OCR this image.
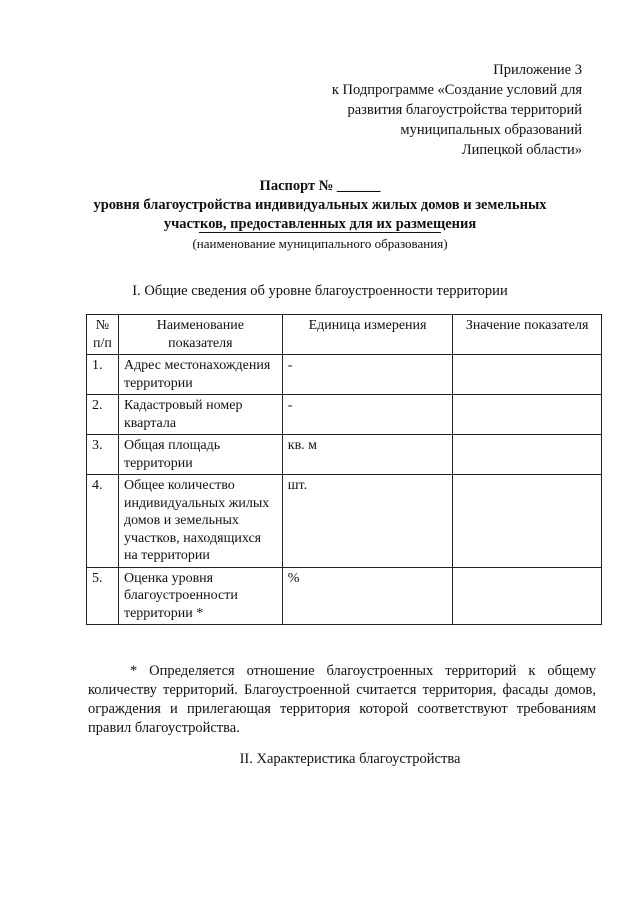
Приложение 3
к Подпрограмме «Создание условий для
развития благоустройства территорий
муниципальных образований
Липецкой области»
Паспорт № ______
уровня благоустройства индивидуальных жилых домов и земельных
участков, предоставленных для их размещения
(наименование муниципального образования)
I. Общие сведения об уровне благоустроенности территории
№ п/п	Наименование показателя	Единица измерения	Значение показателя
1.	Адрес местонахождения территории	-	
2.	Кадастровый номер квартала	-	
3.	Общая площадь территории	кв. м	
4.	Общее количество индивидуальных жилых домов и земельных участков, находящихся на территории	шт.	
5.	Оценка уровня благоустроенности территории *	%	
* Определяется отношение благоустроенных территорий к общему количеству территорий. Благоустроенной считается территория, фасады домов, ограждения и прилегающая территория которой соответствуют требованиям правил благоустройства.
II. Характеристика благоустройства
